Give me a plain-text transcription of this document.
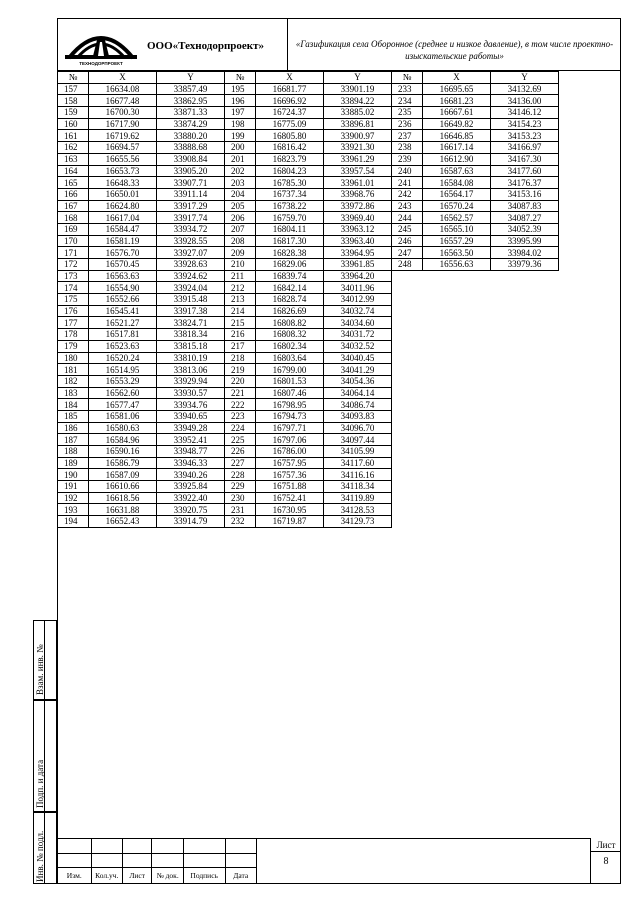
ТЕХНОДОРПРОЕКТ
ООО«Технодорпроект»	«Газификация села Оборонное (среднее и низкое давление), в том числе проектно-изыскательские работы»
№	X	Y	№	X	Y	№	X	Y
157	16634.08	33857.49	195	16681.77	33901.19	233	16695.65	34132.69
158	16677.48	33862.95	196	16696.92	33894.22	234	16681.23	34136.00
159	16700.30	33871.33	197	16724.37	33885.02	235	16667.61	34146.12
160	16717.90	33874.29	198	16775.09	33896.81	236	16649.82	34154.23
161	16719.62	33880.20	199	16805.80	33900.97	237	16646.85	34153.23
162	16694.57	33888.68	200	16816.42	33921.30	238	16617.14	34166.97
163	16655.56	33908.84	201	16823.79	33961.29	239	16612.90	34167.30
164	16653.73	33905.20	202	16804.23	33957.54	240	16587.63	34177.60
165	16648.33	33907.71	203	16785.30	33961.01	241	16584.08	34176.37
166	16650.01	33911.14	204	16737.34	33968.76	242	16564.17	34153.16
167	16624.80	33917.29	205	16738.22	33972.86	243	16570.24	34087.83
168	16617.04	33917.74	206	16759.70	33969.40	244	16562.57	34087.27
169	16584.47	33934.72	207	16804.11	33963.12	245	16565.10	34052.39
170	16581.19	33928.55	208	16817.30	33963.40	246	16557.29	33995.99
171	16576.70	33927.07	209	16828.38	33964.95	247	16563.50	33984.02
172	16570.45	33928.63	210	16829.06	33961.85	248	16556.63	33979.36
173	16563.63	33924.62	211	16839.74	33964.20			
174	16554.90	33924.04	212	16842.14	34011.96			
175	16552.66	33915.48	213	16828.74	34012.99			
176	16545.41	33917.38	214	16826.69	34032.74			
177	16521.27	33824.71	215	16808.82	34034.60			
178	16517.81	33818.34	216	16808.32	34031.72			
179	16523.63	33815.18	217	16802.34	34032.52			
180	16520.24	33810.19	218	16803.64	34040.45			
181	16514.95	33813.06	219	16799.00	34041.29			
182	16553.29	33929.94	220	16801.53	34054.36			
183	16562.60	33930.57	221	16807.46	34064.14			
184	16577.47	33934.76	222	16798.95	34086.74			
185	16581.06	33940.65	223	16794.73	34093.83			
186	16580.63	33949.28	224	16797.71	34096.70			
187	16584.96	33952.41	225	16797.06	34097.44			
188	16590.16	33948.77	226	16786.00	34105.99			
189	16586.79	33946.33	227	16757.95	34117.60			
190	16587.09	33940.26	228	16757.36	34116.16			
191	16610.66	33925.84	229	16751.88	34118.34			
192	16618.56	33922.40	230	16752.41	34119.89			
193	16631.88	33920.75	231	16730.95	34128.53			
194	16652.43	33914.79	232	16719.87	34129.73			
Взам. инв. №
Подп. и дата
Инв. № подл.

						Изм.	Кол.уч.	Лист	№ док.	Подпись	Дата
Лист
8
